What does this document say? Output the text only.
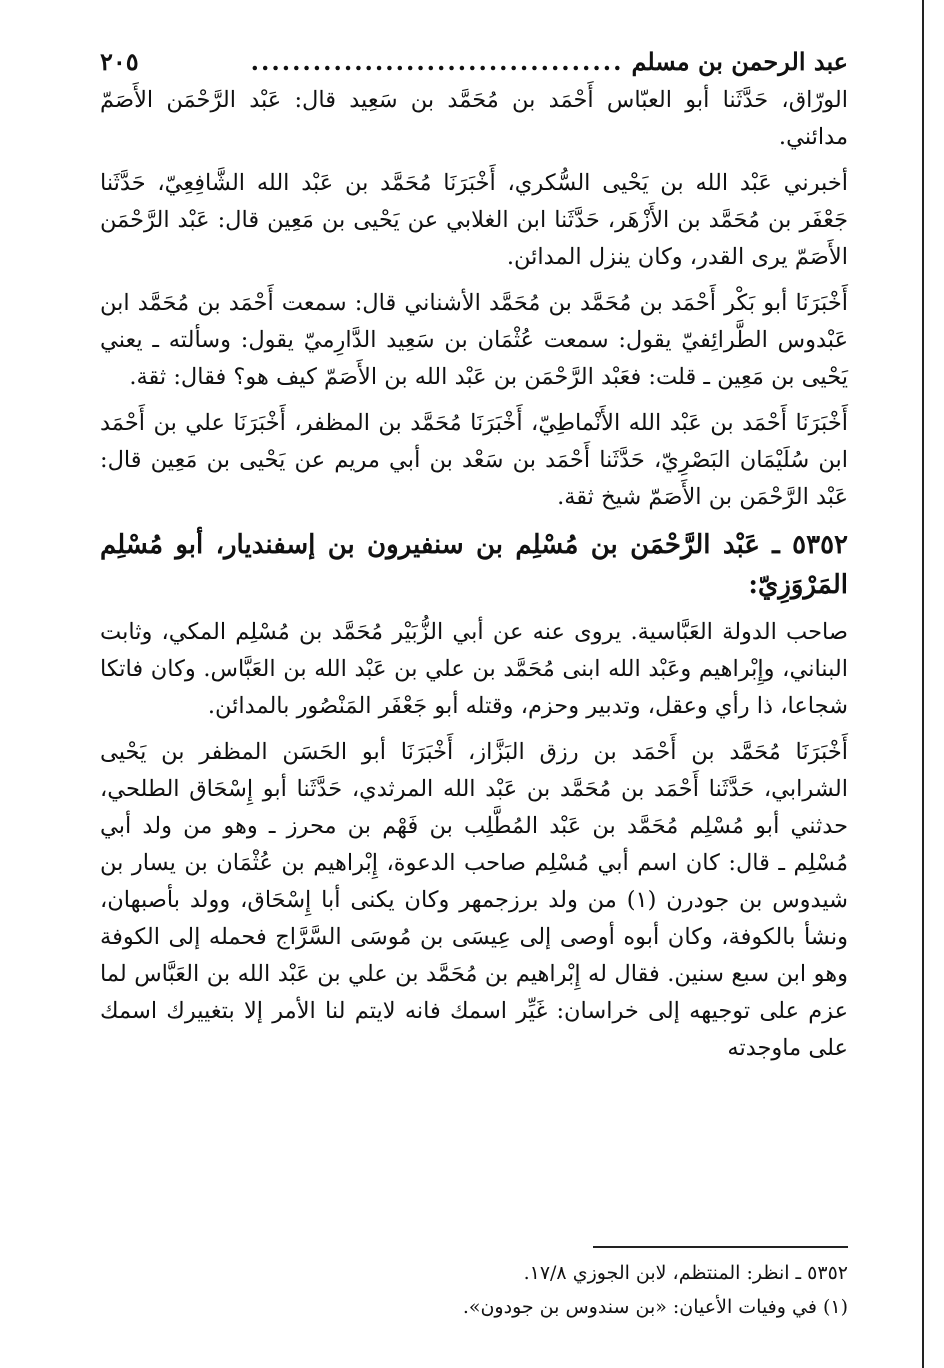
عبد الرحمن بن مسلم
....................................
٢٠٥

الورّاق، حَدَّثَنا أبو العبّاس أَحْمَد بن مُحَمَّد بن سَعِيد قال: عَبْد الرَّحْمَن الأَصَمّ مدائني.

أخبرني عَبْد الله بن يَحْيى السُّكري، أَخْبَرَنَا مُحَمَّد بن عَبْد الله الشَّافِعِيّ، حَدَّثَنا جَعْفَر بن مُحَمَّد بن الأَزْهَر، حَدَّثَنا ابن الغلابي عن يَحْيى بن مَعِين قال: عَبْد الرَّحْمَن الأَصَمّ يرى القدر، وكان ينزل المدائن.

أَخْبَرَنَا أبو بَكْر أَحْمَد بن مُحَمَّد بن مُحَمَّد الأشناني قال: سمعت أَحْمَد بن مُحَمَّد ابن عَبْدوس الطَّرائِفيّ يقول: سمعت عُثْمَان بن سَعِيد الدَّارِميّ يقول: وسألته ـ يعني يَحْيى بن مَعِين ـ قلت: فعَبْد الرَّحْمَن بن عَبْد الله بن الأَصَمّ كيف هو؟ فقال: ثقة.

أَخْبَرَنَا أَحْمَد بن عَبْد الله الأَنْماطِيّ، أَخْبَرَنَا مُحَمَّد بن المظفر، أَخْبَرَنَا علي بن أَحْمَد ابن سُلَيْمَان البَصْرِيّ، حَدَّثَنا أَحْمَد بن سَعْد بن أبي مريم عن يَحْيى بن مَعِين قال: عَبْد الرَّحْمَن بن الأَصَمّ شيخ ثقة.

٥٣٥٢ ـ عَبْد الرَّحْمَن بن مُسْلِم بن سنفيرون بن إسفنديار، أبو مُسْلِم المَرْوَزِيّ:

صاحب الدولة العَبَّاسية. يروى عنه عن أبي الزُّبَيْر مُحَمَّد بن مُسْلِم المكي، وثابت البناني، وإِبْراهيم وعَبْد الله ابنى مُحَمَّد بن علي بن عَبْد الله بن العَبَّاس. وكان فاتكا شجاعا، ذا رأي وعقل، وتدبير وحزم، وقتله أبو جَعْفَر المَنْصُور بالمدائن.

أَخْبَرَنَا مُحَمَّد بن أَحْمَد بن رزق البَزَّاز، أَخْبَرَنَا أبو الحَسَن المظفر بن يَحْيى الشرابي، حَدَّثَنا أَحْمَد بن مُحَمَّد بن عَبْد الله المرثدي، حَدَّثَنا أبو إِسْحَاق الطلحي، حدثني أبو مُسْلِم مُحَمَّد بن عَبْد المُطَّلِب بن فَهْم بن محرز ـ وهو من ولد أبي مُسْلِم ـ قال: كان اسم أبي مُسْلِم صاحب الدعوة، إِبْراهيم بن عُثْمَان بن يسار بن شيدوس بن جودرن (١) من ولد برزجمهر وكان يكنى أبا إِسْحَاق، وولد بأصبهان، ونشأ بالكوفة، وكان أبوه أوصى إلى عِيسَى بن مُوسَى السَّرَّاج فحمله إلى الكوفة وهو ابن سبع سنين. فقال له إِبْراهيم بن مُحَمَّد بن علي بن عَبْد الله بن العَبَّاس لما عزم على توجيهه إلى خراسان: غَيِّر اسمك فانه لايتم لنا الأمر إلا بتغييرك اسمك على ماوجدته

٥٣٥٢ ـ انظر: المنتظم، لابن الجوزي ١٧/٨.

(١) في وفيات الأعيان: «بن سندوس بن جودون».
